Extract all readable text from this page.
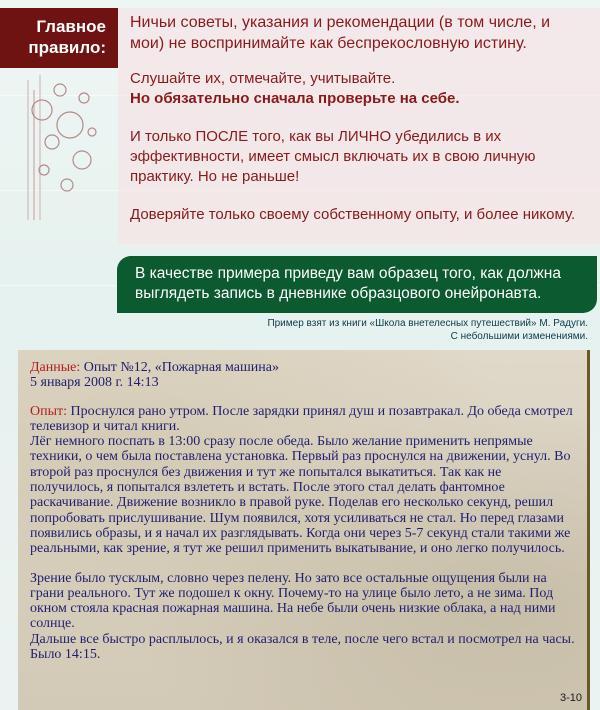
Главное
правило:

Ничьи советы, указания и рекомендации (в том числе, и мои) не воспринимайте как беспрекословную истину.

Слушайте их, отмечайте, учитывайте.
Но обязательно сначала проверьте на себе.

И только ПОСЛЕ того, как вы ЛИЧНО убедились в их эффективности, имеет смысл включать их в свою личную практику. Но не раньше!

Доверяйте только своему собственному опыту, и более никому.

В качестве примера приведу вам образец того, как должна выглядеть запись в дневнике образцового онейронавта.
Пример взят из книги «Школа внетелесных путешествий» М. Радуги.
С небольшими изменениями.
Данные: Опыт №12, «Пожарная машина»
5 января 2008 г. 14:13

Опыт: Проснулся рано утром. После зарядки принял душ и позавтракал. До обеда смотрел телевизор и читал книги.

Лёг немного поспать в 13:00 сразу после обеда. Было желание применить непрямые техники, о чем была поставлена установка. Первый раз проснулся на движении, уснул. Во второй раз проснулся без движения и тут же попытался выкатиться. Так как не получилось, я попытался взлететь и встать. После этого стал делать фантомное раскачивание. Движение возникло в правой руке. Поделав его несколько секунд, решил попробовать прислушивание. Шум появился, хотя усиливаться не стал. Но перед глазами появились образы, и я начал их разглядывать. Когда они через 5-7 секунд стали такими же реальными, как зрение, я тут же решил применить выкатывание, и оно легко получилось.

Зрение было тусклым, словно через пелену. Но зато все остальные ощущения были на грани реального. Тут же подошел к окну. Почему-то на улице было лето, а не зима. Под окном стояла красная пожарная машина. На небе были очень низкие облака, а над ними солнце.

Дальше все быстро расплылось, и я оказался в теле, после чего встал и посмотрел на часы. Было 14:15.

3-10
